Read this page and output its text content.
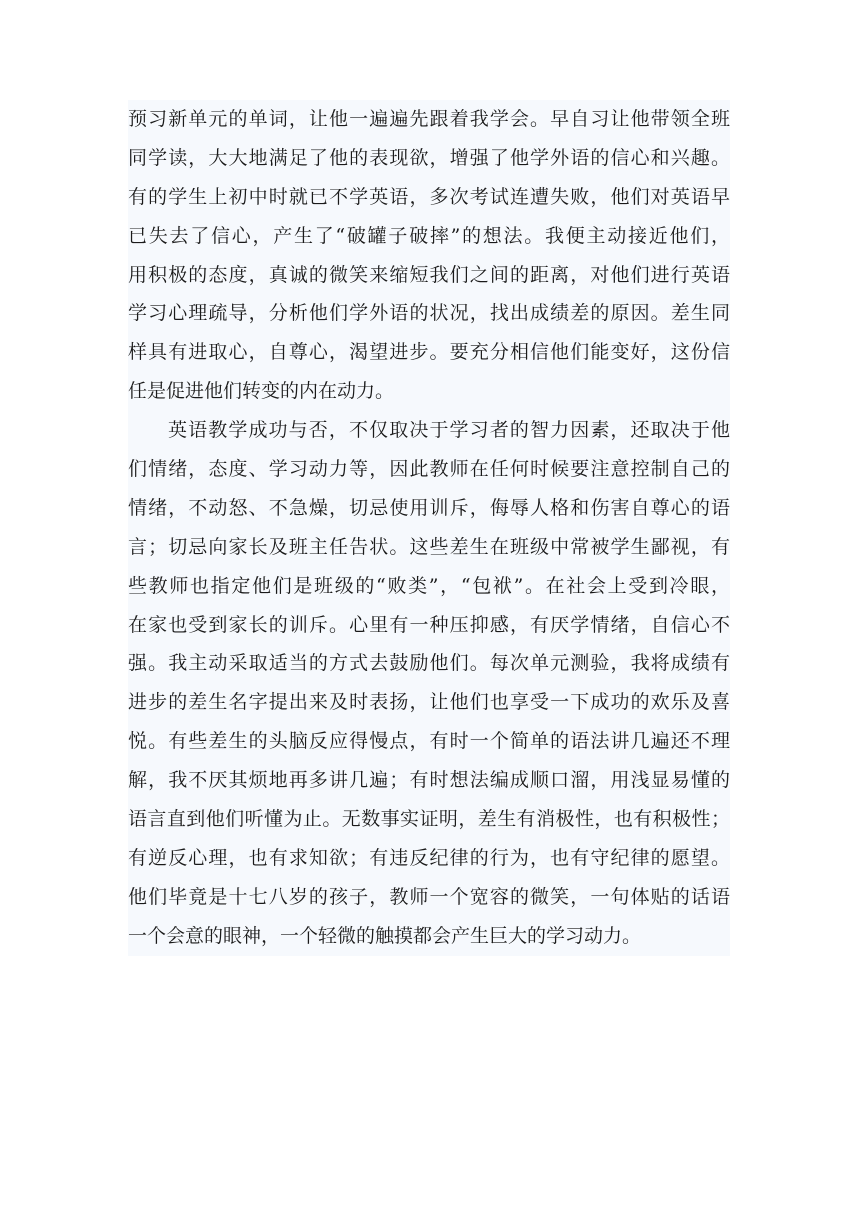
预习新单元的单词，让他一遍遍先跟着我学会。早自习让他带领全班
同学读，大大地满足了他的表现欲，增强了他学外语的信心和兴趣。
有的学生上初中时就已不学英语，多次考试连遭失败，他们对英语早
已失去了信心，产生了“破罐子破摔”的想法。我便主动接近他们，
用积极的态度，真诚的微笑来缩短我们之间的距离，对他们进行英语
学习心理疏导，分析他们学外语的状况，找出成绩差的原因。差生同
样具有进取心，自尊心，渴望进步。要充分相信他们能变好，这份信
任是促进他们转变的内在动力。
英语教学成功与否，不仅取决于学习者的智力因素，还取决于他
们情绪，态度、学习动力等，因此教师在任何时候要注意控制自己的
情绪，不动怒、不急燥，切忌使用训斥，侮辱人格和伤害自尊心的语
言；切忌向家长及班主任告状。这些差生在班级中常被学生鄙视，有
些教师也指定他们是班级的“败类”，“包袱”。在社会上受到冷眼，
在家也受到家长的训斥。心里有一种压抑感，有厌学情绪，自信心不
强。我主动采取适当的方式去鼓励他们。每次单元测验，我将成绩有
进步的差生名字提出来及时表扬，让他们也享受一下成功的欢乐及喜
悦。有些差生的头脑反应得慢点，有时一个简单的语法讲几遍还不理
解，我不厌其烦地再多讲几遍；有时想法编成顺口溜，用浅显易懂的
语言直到他们听懂为止。无数事实证明，差生有消极性，也有积极性；
有逆反心理，也有求知欲；有违反纪律的行为，也有守纪律的愿望。
他们毕竟是十七八岁的孩子，教师一个宽容的微笑，一句体贴的话语
一个会意的眼神，一个轻微的触摸都会产生巨大的学习动力。
